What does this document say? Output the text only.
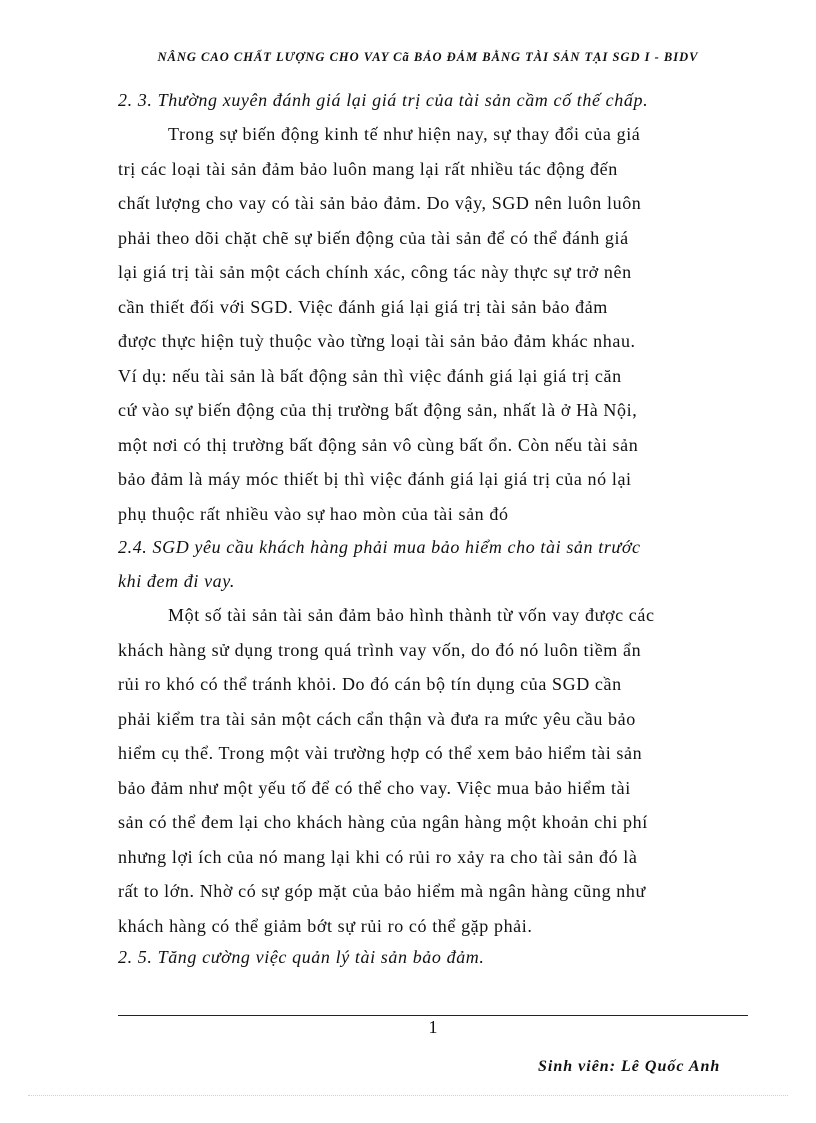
NÂNG CAO CHẤT LƯỢNG CHO VAY Cã BẢO ĐẢM BẰNG TÀI SẢN TẠI SGD I - BIDV
2. 3. Thường xuyên đánh giá lại giá trị của tài sản cầm cố thế chấp.
Trong sự biến động kinh tế như hiện nay, sự thay đổi của giá
trị các loại tài sản đảm bảo luôn mang lại rất nhiều tác động đến
chất lượng cho vay có tài sản bảo đảm. Do vậy, SGD nên luôn luôn
phải theo dõi chặt chẽ sự biến động của tài sản để có thể đánh giá
lại giá trị tài sản một cách chính xác, công tác này thực sự trở nên
cần thiết đối với SGD. Việc đánh giá lại giá trị tài sản bảo đảm
được thực hiện tuỳ thuộc vào từng loại tài sản bảo đảm khác nhau.
Ví dụ: nếu tài sản là bất động sản thì việc đánh giá lại giá trị căn
cứ vào sự biến động của thị trường bất động sản, nhất là ở Hà Nội,
một nơi có thị trường bất động sản vô cùng bất ổn. Còn nếu tài sản
bảo đảm là máy móc thiết bị thì việc đánh giá lại giá trị của nó lại
phụ thuộc rất nhiều vào sự hao mòn của tài sản đó
2.4. SGD yêu cầu khách hàng phải mua bảo hiểm cho tài sản trước
khi đem đi vay.
Một số tài sản tài sản đảm bảo hình thành từ vốn vay được các
khách hàng sử dụng trong quá trình vay vốn, do đó nó luôn tiềm ẩn
rủi ro khó có thể tránh khỏi. Do đó cán bộ tín dụng của SGD cần
phải kiểm tra tài sản một cách cẩn thận và đưa ra mức yêu cầu bảo
hiểm cụ thể. Trong một vài trường hợp có thể xem bảo hiểm tài sản
bảo đảm như một yếu tố để có thể cho vay. Việc mua bảo hiểm tài
sản có thể đem lại cho khách hàng của ngân hàng một khoản chi phí
nhưng lợi ích của nó mang lại khi có rủi ro xảy ra cho tài sản đó là
rất to lớn. Nhờ có sự góp mặt của bảo hiểm mà ngân hàng cũng như
khách hàng có thể giảm bớt sự rủi ro có thể gặp phải.
2. 5. Tăng cường việc quản lý tài sản bảo đảm.
1
Sinh viên: Lê Quốc Anh
